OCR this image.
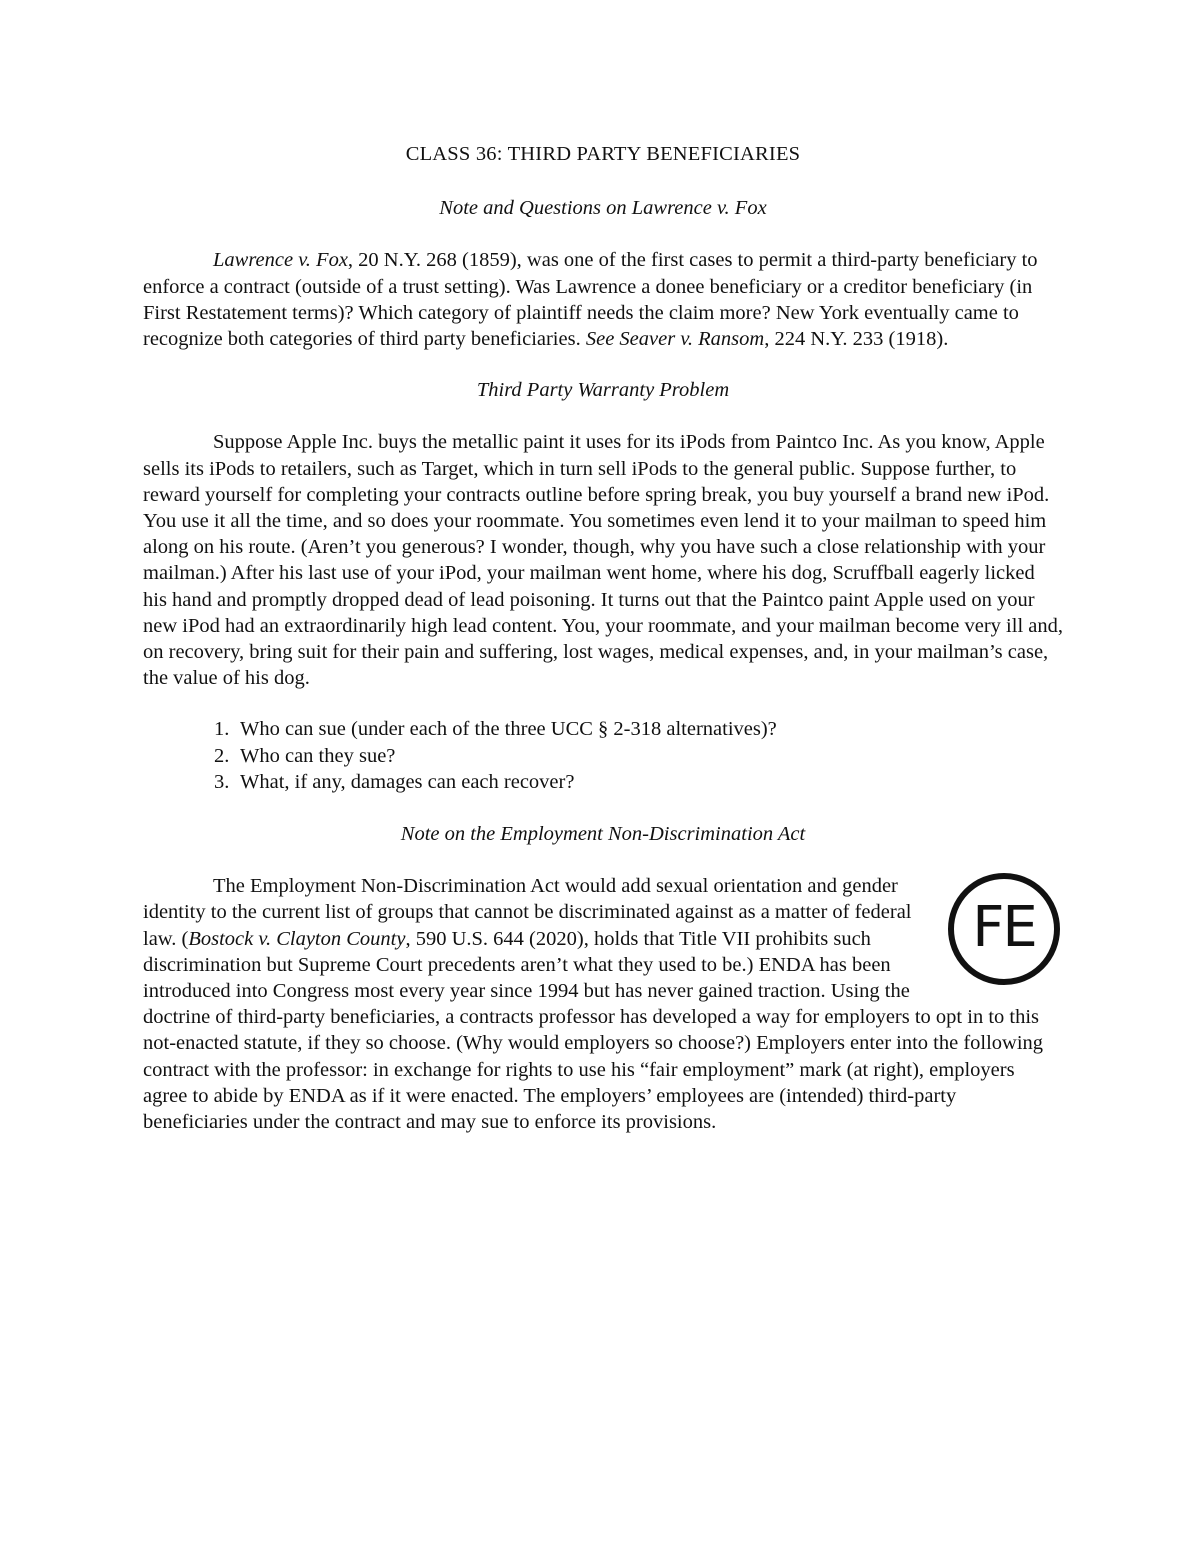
CLASS 36: THIRD PARTY BENEFICIARIES
Note and Questions on Lawrence v. Fox

Lawrence v. Fox, 20 N.Y. 268 (1859), was one of the first cases to permit a third-party beneficiary to enforce a contract (outside of a trust setting). Was Lawrence a donee beneficiary or a creditor beneficiary (in First Restatement terms)? Which category of plaintiff needs the claim more? New York eventually came to recognize both categories of third party beneficiaries. See Seaver v. Ransom, 224 N.Y. 233 (1918).

Third Party Warranty Problem

Suppose Apple Inc. buys the metallic paint it uses for its iPods from Paintco Inc. As you know, Apple sells its iPods to retailers, such as Target, which in turn sell iPods to the general public. Suppose further, to reward yourself for completing your contracts outline before spring break, you buy yourself a brand new iPod. You use it all the time, and so does your roommate. You sometimes even lend it to your mailman to speed him along on his route. (Aren’t you generous? I wonder, though, why you have such a close relationship with your mailman.) After his last use of your iPod, your mailman went home, where his dog, Scruffball eagerly licked his hand and promptly dropped dead of lead poisoning. It turns out that the Paintco paint Apple used on your new iPod had an extraordinarily high lead content. You, your roommate, and your mailman become very ill and, on recovery, bring suit for their pain and suffering, lost wages, medical expenses, and, in your mailman’s case, the value of his dog.

1. Who can sue (under each of the three UCC § 2-318 alternatives)?
2. Who can they sue?
3. What, if any, damages can each recover?
Note on the Employment Non-Discrimination Act
FE

The Employment Non-Discrimination Act would add sexual orientation and gender identity to the current list of groups that cannot be discriminated against as a matter of federal law. (Bostock v. Clayton County, 590 U.S. 644 (2020), holds that Title VII prohibits such discrimination but Supreme Court precedents aren’t what they used to be.) ENDA has been introduced into Congress most every year since 1994 but has never gained traction. Using the doctrine of third-party beneficiaries, a contracts professor has developed a way for employers to opt in to this not-enacted statute, if they so choose. (Why would employers so choose?) Employers enter into the following contract with the professor: in exchange for rights to use his “fair employment” mark (at right), employers agree to abide by ENDA as if it were enacted. The employers’ employees are (intended) third-party beneficiaries under the contract and may sue to enforce its provisions.
